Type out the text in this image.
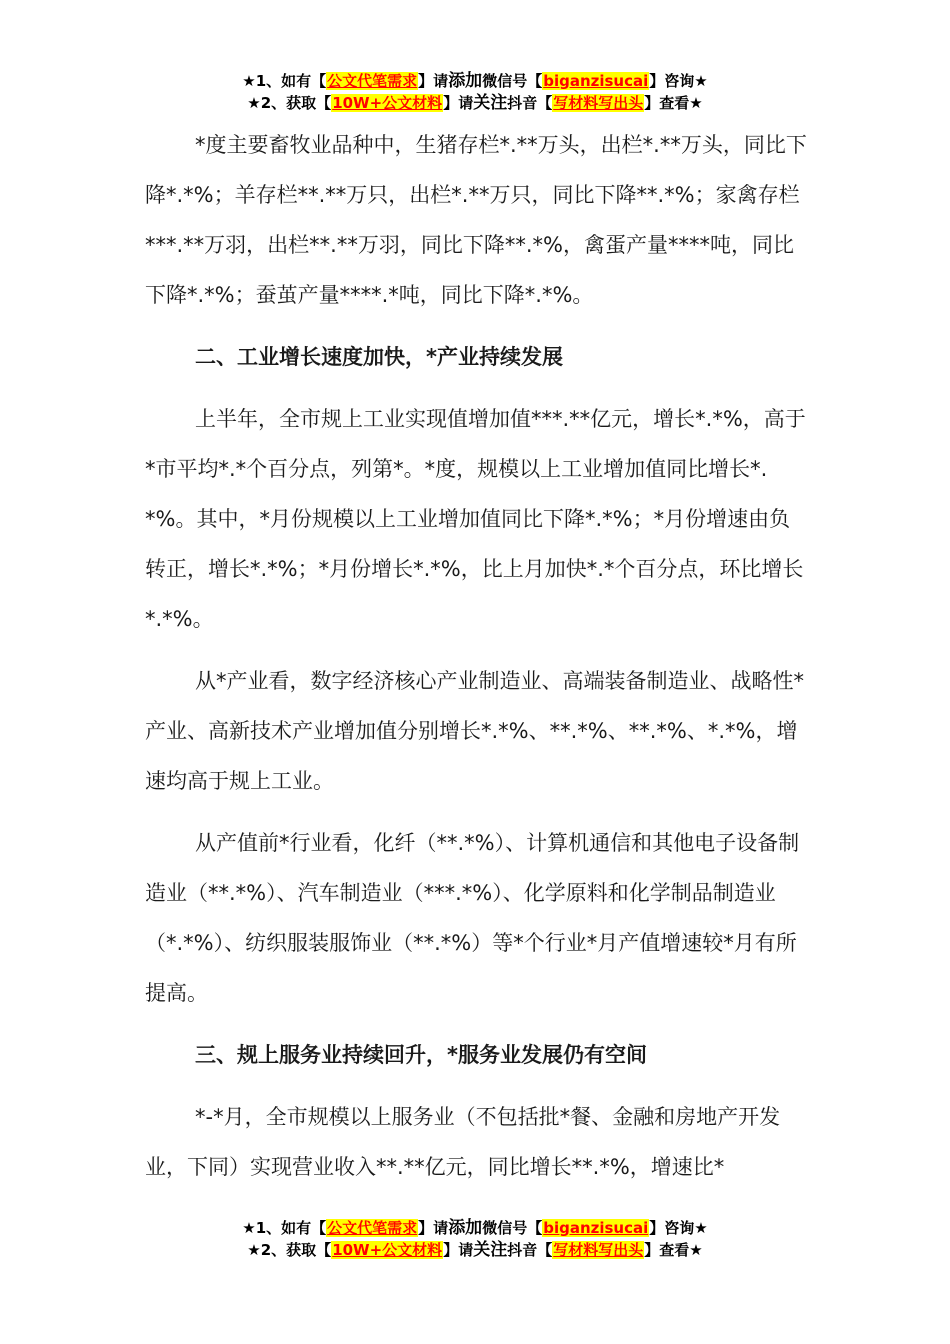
★1、如有【公文代笔需求】请添加微信号【biganzisucai】咨询★
★2、获取【10W+公文材料】请关注抖音【写材料写出头】查看★

*度主要畜牧业品种中，生猪存栏*.**万头，出栏*.**万头，同比下降*.*%；羊存栏**.**万只，出栏*.**万只，同比下降**.*%；家禽存栏***.**万羽，出栏**.**万羽，同比下降**.*%，禽蛋产量****吨，同比下降*.*%；蚕茧产量****.*吨，同比下降*.*%。

二、工业增长速度加快，*产业持续发展

上半年，全市规上工业实现值增加值***.**亿元，增长*.*%，高于*市平均*.*个百分点，列第*。*度，规模以上工业增加值同比增长*.*%。其中，*月份规模以上工业增加值同比下降*.*%；*月份增速由负转正，增长*.*%；*月份增长*.*%，比上月加快*.*个百分点，环比增长*.*%。

从*产业看，数字经济核心产业制造业、高端装备制造业、战略性*产业、高新技术产业增加值分别增长*.*%、**.*%、**.*%、*.*%，增速均高于规上工业。

从产值前*行业看，化纤（**.*%）、计算机通信和其他电子设备制造业（**.*%）、汽车制造业（***.*%）、化学原料和化学制品制造业（*.*%）、纺织服装服饰业（**.*%）等*个行业*月产值增速较*月有所提高。

三、规上服务业持续回升，*服务业发展仍有空间

*-*月，全市规模以上服务业（不包括批*餐、金融和房地产开发业，下同）实现营业收入**.**亿元，同比增长**.*%，增速比*

★1、如有【公文代笔需求】请添加微信号【biganzisucai】咨询★
★2、获取【10W+公文材料】请关注抖音【写材料写出头】查看★
